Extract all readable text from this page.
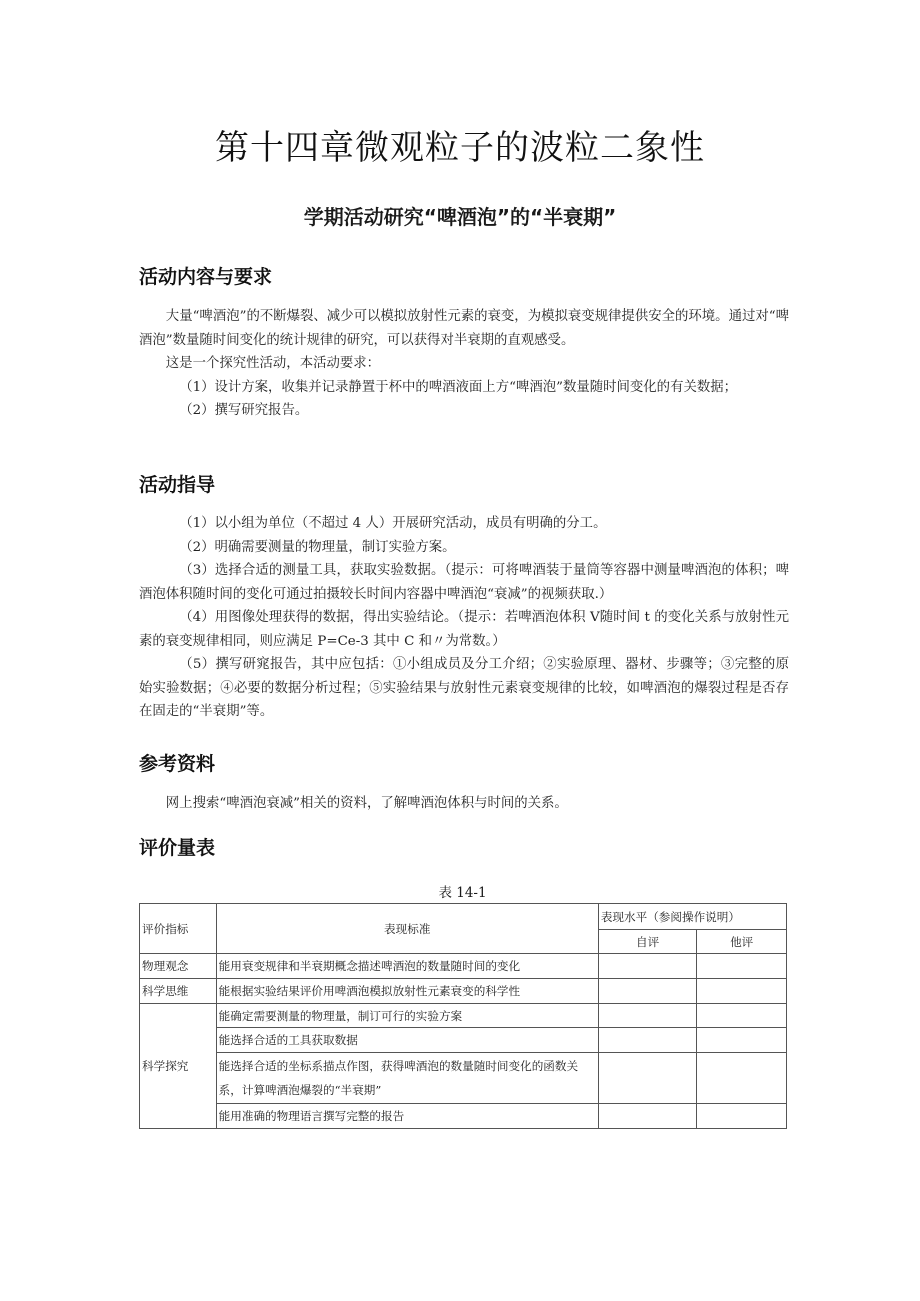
第十四章微观粒子的波粒二象性
学期活动研究“啤酒泡”的“半衰期”
活动内容与要求

大量“啤酒泡”的不断爆裂、减少可以模拟放射性元素的衰变，为模拟衰变规律提供安全的环境。通过对“啤酒泡”数量随时间变化的统计规律的研究，可以获得对半衰期的直观感受。

这是一个探究性活动，本活动要求：

（1）设计方案，收集并记录静置于杯中的啤酒液面上方“啤酒泡”数量随时间变化的有关数据；

（2）撰写研究报告。

活动指导

（1）以小组为单位（不超过 4 人）开展研究活动，成员有明确的分工。

（2）明确需要测量的物理量，制订实验方案。

（3）选择合适的测量工具，获取实验数据。（提示：可将啤酒装于量筒等容器中测量啤酒泡的体积；啤酒泡体积随时间的变化可通过拍摄较长时间内容器中啤酒泡“衰减”的视频获取.）

（4）用图像处理获得的数据，得出实验结论。（提示：若啤酒泡体积 V随时间 t 的变化关系与放射性元素的衰变规律相同，则应满足 P=Ce-3 其中 C 和〃为常数。）

（5）撰写研窕报告，其中应包括：①小组成员及分工介绍；②实验原理、器材、步骤等；③完整的原始实验数据；④必要的数据分析过程；⑤实验结果与放射性元素衰变规律的比较，如啤酒泡的爆裂过程是否存在固走的“半衰期”等。

参考资料

网上搜索“啤酒泡衰减”相关的资料，了解啤酒泡体积与时间的关系。

评价量表
表 14-1
评价指标	表现标准	表现水平（参阅操作说明）	
		自评	他评
物理观念	能用衰变规律和半衰期概念描述啤酒泡的数量随时间的变化		
科学思维	能根据实验结果评价用啤酒泡模拟放射性元素衰变的科学性		
科学探究	能确定需要测量的物理量，制订可行的实验方案		
	能选择合适的工具获取数据		
	能选择合适的坐标系描点作图，获得啤酒泡的数量随时间变化的函数关系，计算啤酒泡爆裂的“半衰期”		
	能用准确的物理语言撰写完整的报告		
